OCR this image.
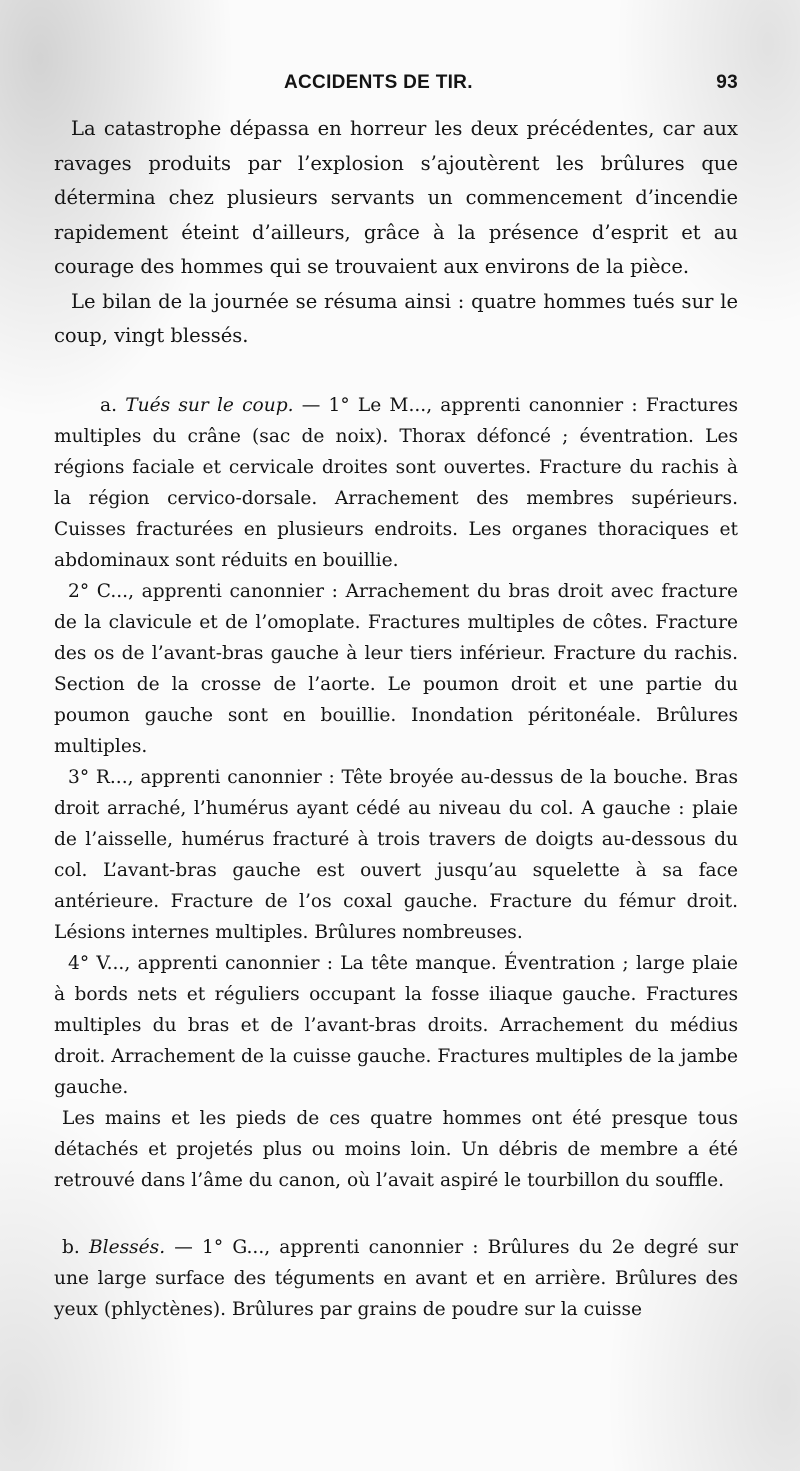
ACCIDENTS DE TIR.	93

La catastrophe dépassa en horreur les deux précédentes, car aux ravages produits par l’explosion s’ajoutèrent les brûlures que détermina chez plusieurs servants un commencement d’incendie rapidement éteint d’ailleurs, grâce à la présence d’esprit et au courage des hommes qui se trouvaient aux environs de la pièce.

Le bilan de la journée se résuma ainsi : quatre hommes tués sur le coup, vingt blessés.

a. Tués sur le coup. — 1° Le M..., apprenti canonnier : Fractures multiples du crâne (sac de noix). Thorax défoncé ; éventration. Les régions faciale et cervicale droites sont ouvertes. Fracture du rachis à la région cervico-dorsale. Arrachement des membres supérieurs. Cuisses fracturées en plusieurs endroits. Les organes thoraciques et abdominaux sont réduits en bouillie.

2° C..., apprenti canonnier : Arrachement du bras droit avec fracture de la clavicule et de l’omoplate. Fractures multiples de côtes. Fracture des os de l’avant-bras gauche à leur tiers inférieur. Fracture du rachis. Section de la crosse de l’aorte. Le poumon droit et une partie du poumon gauche sont en bouillie. Inondation péritonéale. Brûlures multiples.

3° R..., apprenti canonnier : Tête broyée au-dessus de la bouche. Bras droit arraché, l’humérus ayant cédé au niveau du col. A gauche : plaie de l’aisselle, humérus fracturé à trois travers de doigts au-dessous du col. L’avant-bras gauche est ouvert jusqu’au squelette à sa face antérieure. Fracture de l’os coxal gauche. Fracture du fémur droit. Lésions internes multiples. Brûlures nombreuses.

4° V..., apprenti canonnier : La tête manque. Éventration ; large plaie à bords nets et réguliers occupant la fosse iliaque gauche. Fractures multiples du bras et de l’avant-bras droits. Arrachement du médius droit. Arrachement de la cuisse gauche. Fractures multiples de la jambe gauche.

Les mains et les pieds de ces quatre hommes ont été presque tous détachés et projetés plus ou moins loin. Un débris de membre a été retrouvé dans l’âme du canon, où l’avait aspiré le tourbillon du souffle.

b. Blessés. — 1° G..., apprenti canonnier : Brûlures du 2e degré sur une large surface des téguments en avant et en arrière. Brûlures des yeux (phlyctènes). Brûlures par grains de poudre sur la cuisse
